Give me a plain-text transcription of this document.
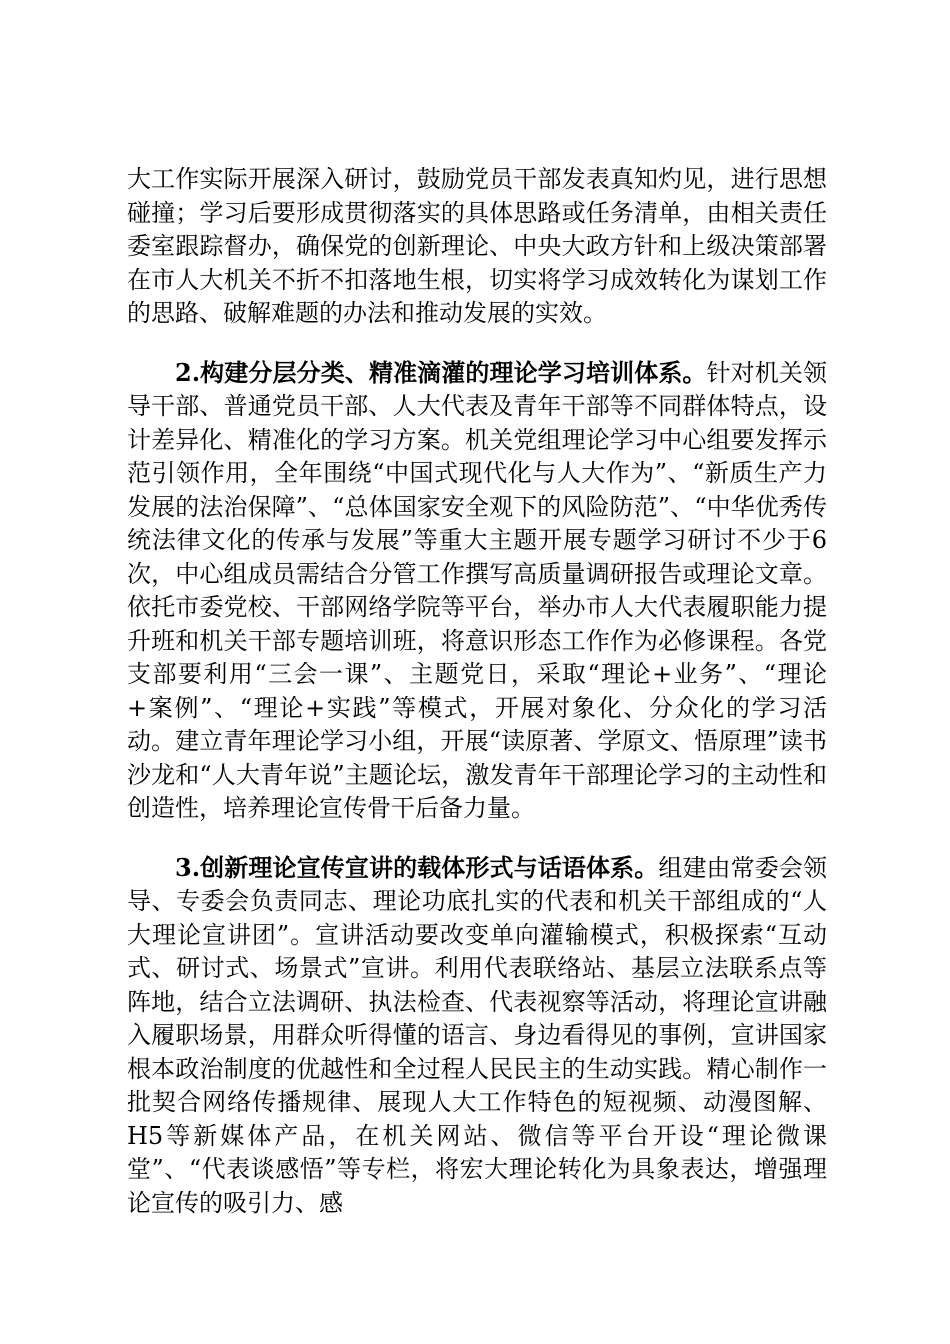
大工作实际开展深入研讨，鼓励党员干部发表真知灼见，进行思想碰撞；学习后要形成贯彻落实的具体思路或任务清单，由相关责任委室跟踪督办，确保党的创新理论、中央大政方针和上级决策部署在市人大机关不折不扣落地生根，切实将学习成效转化为谋划工作的思路、破解难题的办法和推动发展的实效。

2.构建分层分类、精准滴灌的理论学习培训体系。针对机关领导干部、普通党员干部、人大代表及青年干部等不同群体特点，设计差异化、精准化的学习方案。机关党组理论学习中心组要发挥示范引领作用，全年围绕“中国式现代化与人大作为”、“新质生产力发展的法治保障”、“总体国家安全观下的风险防范”、“中华优秀传统法律文化的传承与发展”等重大主题开展专题学习研讨不少于6次，中心组成员需结合分管工作撰写高质量调研报告或理论文章。依托市委党校、干部网络学院等平台，举办市人大代表履职能力提升班和机关干部专题培训班，将意识形态工作作为必修课程。各党支部要利用“三会一课”、主题党日，采取“理论+业务”、“理论+案例”、“理论+实践”等模式，开展对象化、分众化的学习活动。建立青年理论学习小组，开展“读原著、学原文、悟原理”读书沙龙和“人大青年说”主题论坛，激发青年干部理论学习的主动性和创造性，培养理论宣传骨干后备力量。

3.创新理论宣传宣讲的载体形式与话语体系。组建由常委会领导、专委会负责同志、理论功底扎实的代表和机关干部组成的“人大理论宣讲团”。宣讲活动要改变单向灌输模式，积极探索“互动式、研讨式、场景式”宣讲。利用代表联络站、基层立法联系点等阵地，结合立法调研、执法检查、代表视察等活动，将理论宣讲融入履职场景，用群众听得懂的语言、身边看得见的事例，宣讲国家根本政治制度的优越性和全过程人民民主的生动实践。精心制作一批契合网络传播规律、展现人大工作特色的短视频、动漫图解、H5等新媒体产品，在机关网站、微信等平台开设“理论微课堂”、“代表谈感悟”等专栏，将宏大理论转化为具象表达，增强理论宣传的吸引力、感
